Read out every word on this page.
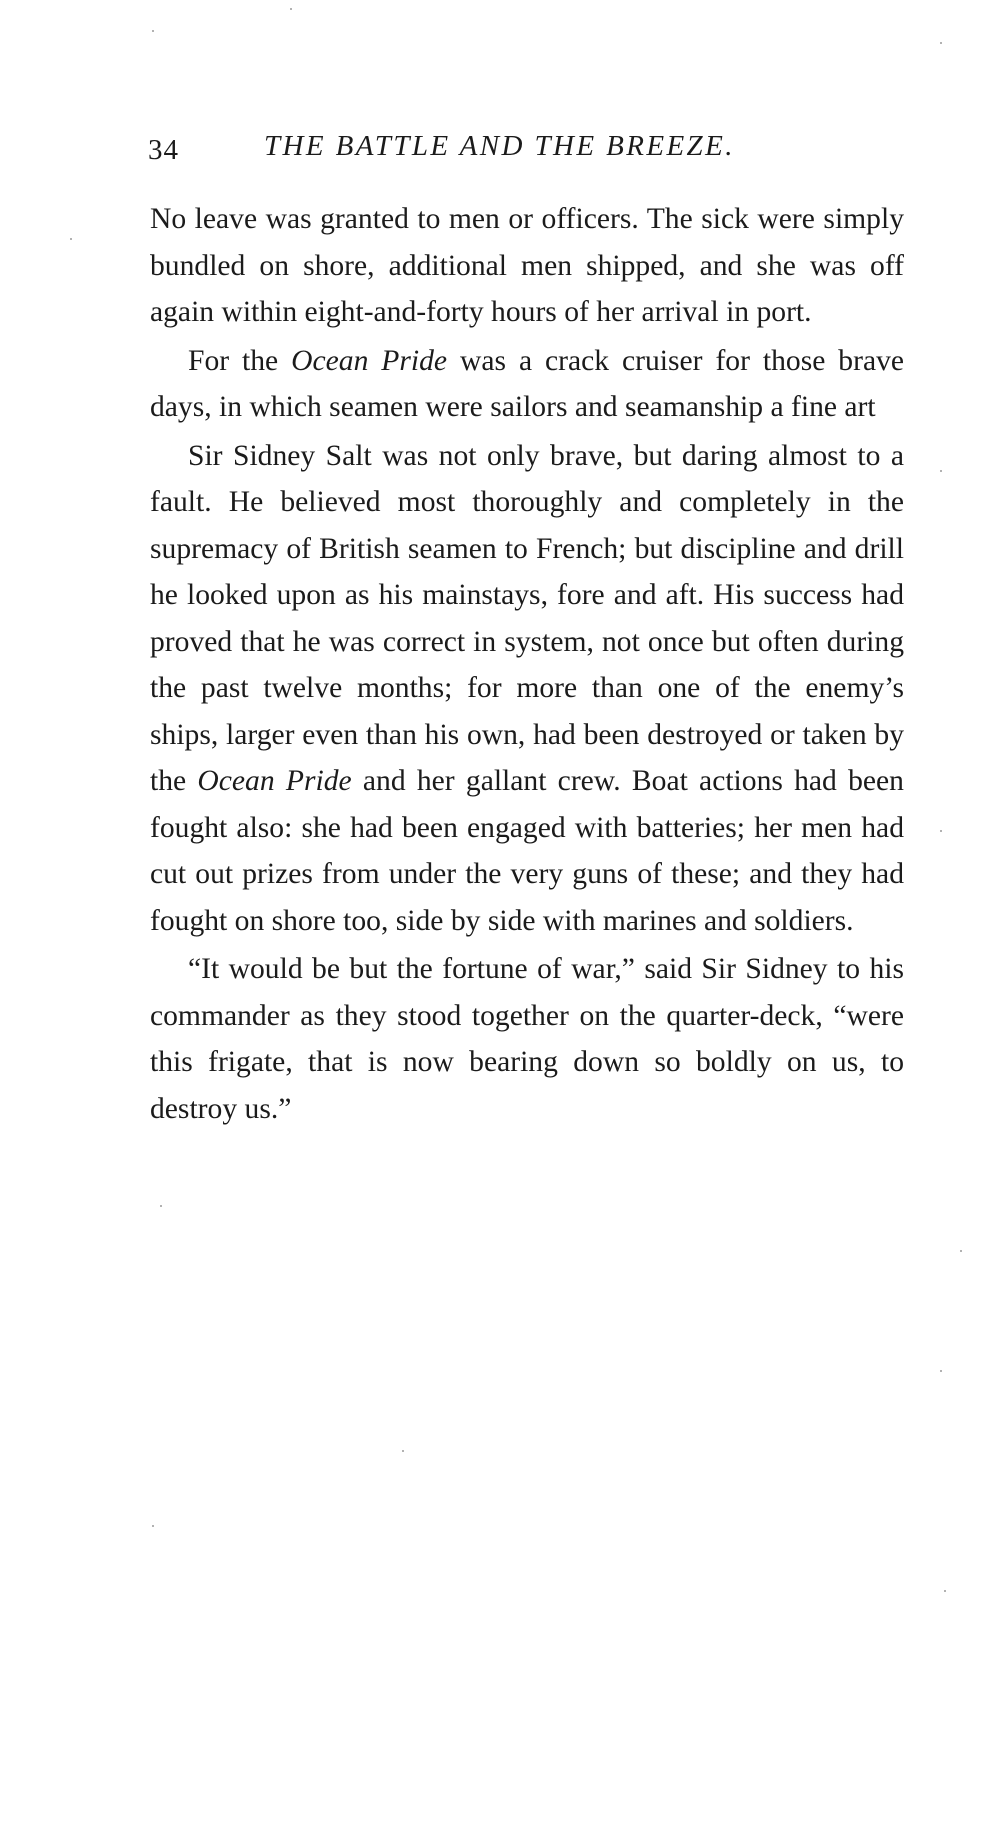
34	THE BATTLE AND THE BREEZE.

No leave was granted to men or officers. The sick were simply bundled on shore, additional men shipped, and she was off again within eight-and-forty hours of her arrival in port.

For the Ocean Pride was a crack cruiser for those brave days, in which seamen were sailors and seamanship a fine art

Sir Sidney Salt was not only brave, but daring almost to a fault. He believed most thoroughly and completely in the supremacy of British seamen to French; but discipline and drill he looked upon as his mainstays, fore and aft. His success had proved that he was correct in system, not once but often during the past twelve months; for more than one of the enemy’s ships, larger even than his own, had been destroyed or taken by the Ocean Pride and her gallant crew. Boat actions had been fought also: she had been engaged with batteries; her men had cut out prizes from under the very guns of these; and they had fought on shore too, side by side with marines and soldiers.

“It would be but the fortune of war,” said Sir Sidney to his commander as they stood together on the quarter-deck, “were this frigate, that is now bearing down so boldly on us, to destroy us.”
